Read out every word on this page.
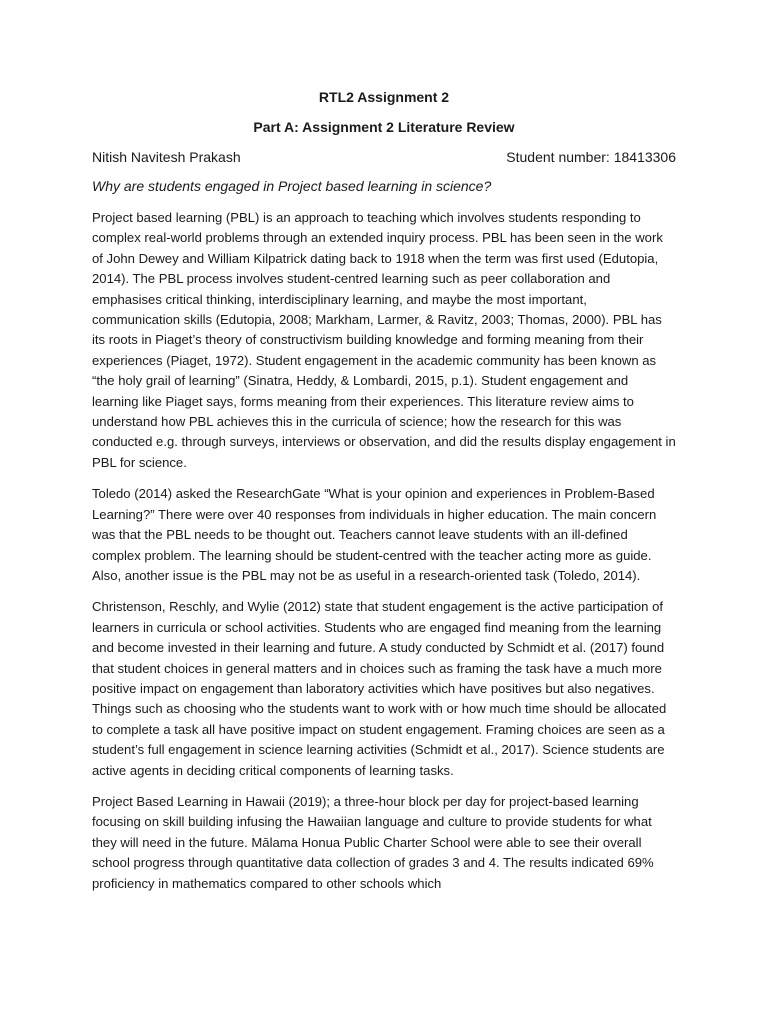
RTL2 Assignment 2
Part A: Assignment 2 Literature Review
Nitish Navitesh Prakash	Student number: 18413306
Why are students engaged in Project based learning in science?

Project based learning (PBL) is an approach to teaching which involves students responding to complex real-world problems through an extended inquiry process. PBL has been seen in the work of John Dewey and William Kilpatrick dating back to 1918 when the term was first used (Edutopia, 2014). The PBL process involves student-centred learning such as peer collaboration and emphasises critical thinking, interdisciplinary learning, and maybe the most important, communication skills (Edutopia, 2008; Markham, Larmer, & Ravitz, 2003; Thomas, 2000). PBL has its roots in Piaget’s theory of constructivism building knowledge and forming meaning from their experiences (Piaget, 1972). Student engagement in the academic community has been known as “the holy grail of learning” (Sinatra, Heddy, & Lombardi, 2015, p.1). Student engagement and learning like Piaget says, forms meaning from their experiences. This literature review aims to understand how PBL achieves this in the curricula of science; how the research for this was conducted e.g. through surveys, interviews or observation, and did the results display engagement in PBL for science.

Toledo (2014) asked the ResearchGate “What is your opinion and experiences in Problem-Based Learning?” There were over 40 responses from individuals in higher education. The main concern was that the PBL needs to be thought out. Teachers cannot leave students with an ill-defined complex problem. The learning should be student-centred with the teacher acting more as guide. Also, another issue is the PBL may not be as useful in a research-oriented task (Toledo, 2014).

Christenson, Reschly, and Wylie (2012) state that student engagement is the active participation of learners in curricula or school activities. Students who are engaged find meaning from the learning and become invested in their learning and future. A study conducted by Schmidt et al. (2017) found that student choices in general matters and in choices such as framing the task have a much more positive impact on engagement than laboratory activities which have positives but also negatives. Things such as choosing who the students want to work with or how much time should be allocated to complete a task all have positive impact on student engagement. Framing choices are seen as a student’s full engagement in science learning activities (Schmidt et al., 2017). Science students are active agents in deciding critical components of learning tasks.

Project Based Learning in Hawaii (2019); a three-hour block per day for project-based learning focusing on skill building infusing the Hawaiian language and culture to provide students for what they will need in the future. Mālama Honua Public Charter School were able to see their overall school progress through quantitative data collection of grades 3 and 4. The results indicated 69% proficiency in mathematics compared to other schools which
